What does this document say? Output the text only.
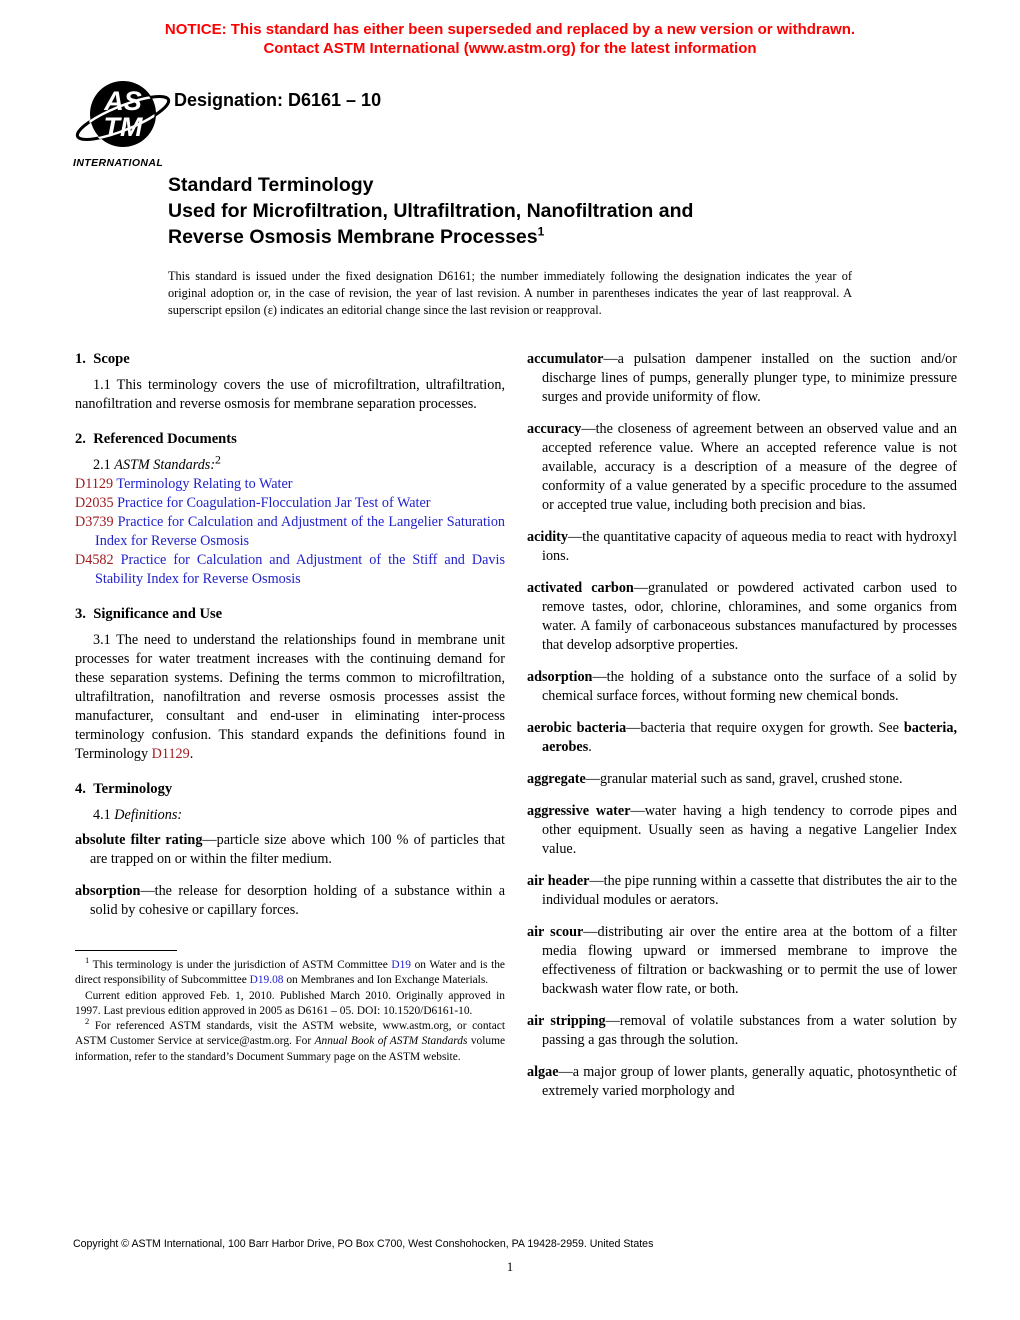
NOTICE: This standard has either been superseded and replaced by a new version or withdrawn.
Contact ASTM International (www.astm.org) for the latest information
AS
TM
INTERNATIONAL
Designation: D6161 – 10
Standard Terminology
Used for Microfiltration, Ultrafiltration, Nanofiltration and
Reverse Osmosis Membrane Processes$^1$

This standard is issued under the fixed designation D6161; the number immediately following the designation indicates the year of original adoption or, in the case of revision, the year of last revision. A number in parentheses indicates the year of last reapproval. A superscript epsilon (ε) indicates an editorial change since the last revision or reapproval.

1. Scope

1.1 This terminology covers the use of microfiltration, ultrafiltration, nanofiltration and reverse osmosis for membrane separation processes.

2. Referenced Documents

2.1 ASTM Standards:$^2$

D1129 Terminology Relating to Water

D2035 Practice for Coagulation-Flocculation Jar Test of Water

D3739 Practice for Calculation and Adjustment of the Langelier Saturation Index for Reverse Osmosis

D4582 Practice for Calculation and Adjustment of the Stiff and Davis Stability Index for Reverse Osmosis

3. Significance and Use

3.1 The need to understand the relationships found in membrane unit processes for water treatment increases with the continuing demand for these separation systems. Defining the terms common to microfiltration, ultrafiltration, nanofiltration and reverse osmosis processes assist the manufacturer, consultant and end-user in eliminating inter-process terminology confusion. This standard expands the definitions found in Terminology D1129.

4. Terminology

4.1 Definitions:

absolute filter rating—particle size above which 100 % of particles that are trapped on or within the filter medium.

absorption—the release for desorption holding of a substance within a solid by cohesive or capillary forces.

$^1$ This terminology is under the jurisdiction of ASTM Committee D19 on Water and is the direct responsibility of Subcommittee D19.08 on Membranes and Ion Exchange Materials.

Current edition approved Feb. 1, 2010. Published March 2010. Originally approved in 1997. Last previous edition approved in 2005 as D6161 – 05. DOI: 10.1520/D6161-10.

$^2$ For referenced ASTM standards, visit the ASTM website, www.astm.org, or contact ASTM Customer Service at service@astm.org. For Annual Book of ASTM Standards volume information, refer to the standard’s Document Summary page on the ASTM website.

accumulator—a pulsation dampener installed on the suction and/or discharge lines of pumps, generally plunger type, to minimize pressure surges and provide uniformity of flow.

accuracy—the closeness of agreement between an observed value and an accepted reference value. Where an accepted reference value is not available, accuracy is a description of a measure of the degree of conformity of a value generated by a specific procedure to the assumed or accepted true value, including both precision and bias.

acidity—the quantitative capacity of aqueous media to react with hydroxyl ions.

activated carbon—granulated or powdered activated carbon used to remove tastes, odor, chlorine, chloramines, and some organics from water. A family of carbonaceous substances manufactured by processes that develop adsorptive properties.

adsorption—the holding of a substance onto the surface of a solid by chemical surface forces, without forming new chemical bonds.

aerobic bacteria—bacteria that require oxygen for growth. See bacteria, aerobes.

aggregate—granular material such as sand, gravel, crushed stone.

aggressive water—water having a high tendency to corrode pipes and other equipment. Usually seen as having a negative Langelier Index value.

air header—the pipe running within a cassette that distributes the air to the individual modules or aerators.

air scour—distributing air over the entire area at the bottom of a filter media flowing upward or immersed membrane to improve the effectiveness of filtration or backwashing or to permit the use of lower backwash water flow rate, or both.

air stripping—removal of volatile substances from a water solution by passing a gas through the solution.

algae—a major group of lower plants, generally aquatic, photosynthetic of extremely varied morphology and

Copyright © ASTM International, 100 Barr Harbor Drive, PO Box C700, West Conshohocken, PA 19428-2959. United States
1
